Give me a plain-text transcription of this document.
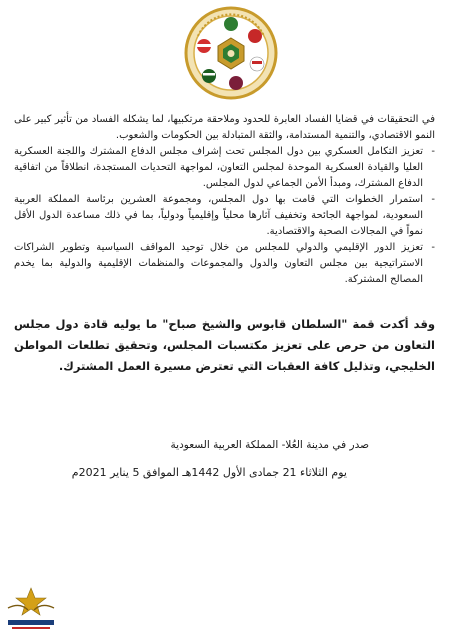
في التحقيقات في قضايا الفساد العابرة للحدود وملاحقة مرتكبيها، لما يشكله الفساد من تأثير كبير على النمو الاقتصادي، والتنمية المستدامة، والثقة المتبادلة بين الحكومات والشعوب.

-
تعزيز التكامل العسكري بين دول المجلس تحت إشراف مجلس الدفاع المشترك واللجنة العسكرية العليا والقيادة العسكرية الموحدة لمجلس التعاون، لمواجهة التحديات المستجدة، انطلاقاً من اتفاقية الدفاع المشترك، ومبدأ الأمن الجماعي لدول المجلس.
-
استمرار الخطوات التي قامت بها دول المجلس، ومجموعة العشرين برئاسة المملكة العربية السعودية، لمواجهة الجائحة وتخفيف آثارها محلياً وإقليمياً ودولياً، بما في ذلك مساعدة الدول الأقل نمواً في المجالات الصحية والاقتصادية.
-
تعزيز الدور الإقليمي والدولي للمجلس من خلال توحيد المواقف السياسية وتطوير الشراكات الاستراتيجية بين مجلس التعاون والدول والمجموعات والمنظمات الإقليمية والدولية بما يخدم المصالح المشتركة.

وقد أكدت قمة "السلطان قابوس والشيخ صباح" ما يوليه قادة دول مجلس التعاون من حرص على تعزيز مكتسبات المجلس، وتحقيق تطلعات المواطن الخليجي، وتذليل كافة العقبات التي تعترض مسيرة العمل المشترك.

صدر في مدينة العُلا- المملكة العربية السعودية
يوم الثلاثاء 21 جمادى الأول 1442هـ الموافق 5 يناير 2021م
